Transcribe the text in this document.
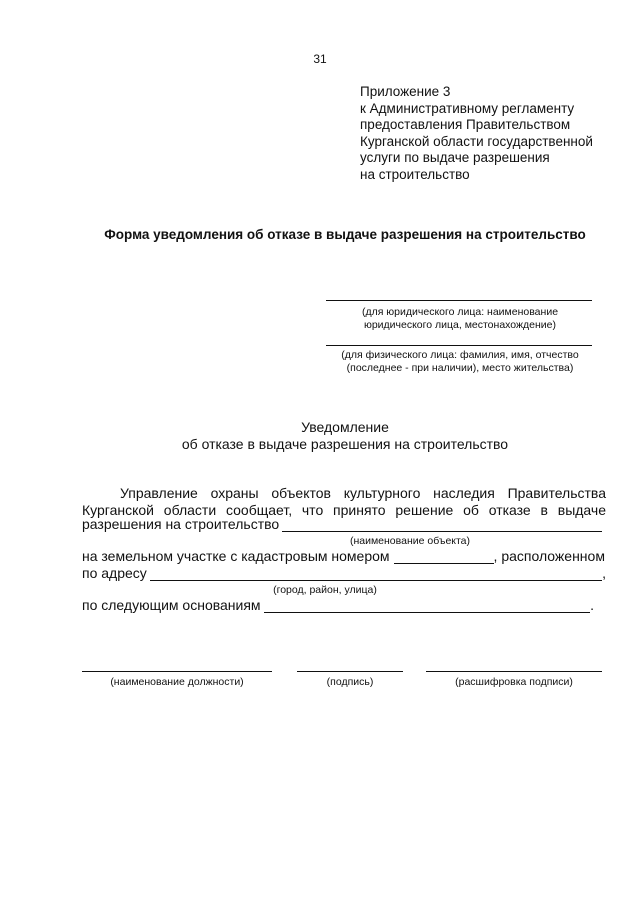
31
Приложение 3
к Административному регламенту
предоставления Правительством
Курганской области государственной
услуги по выдаче разрешения
на строительство
Форма уведомления об отказе в выдаче разрешения на строительство
(для юридического лица: наименование
юридического лица, местонахождение)
(для физического лица: фамилия, имя, отчество
(последнее - при наличии), место жительства)
Уведомление
об отказе в выдаче разрешения на строительство
Управление охраны объектов культурного наследия Правительства
Курганской области сообщает, что принято решение об отказе в выдаче
разрешения на строительство
(наименование объекта)
на земельном участке с кадастровым номером	, расположенном
по адресу	,
(город, район, улица)
по следующим основаниям	.
(наименование должности)	(подпись)	(расшифровка подписи)
